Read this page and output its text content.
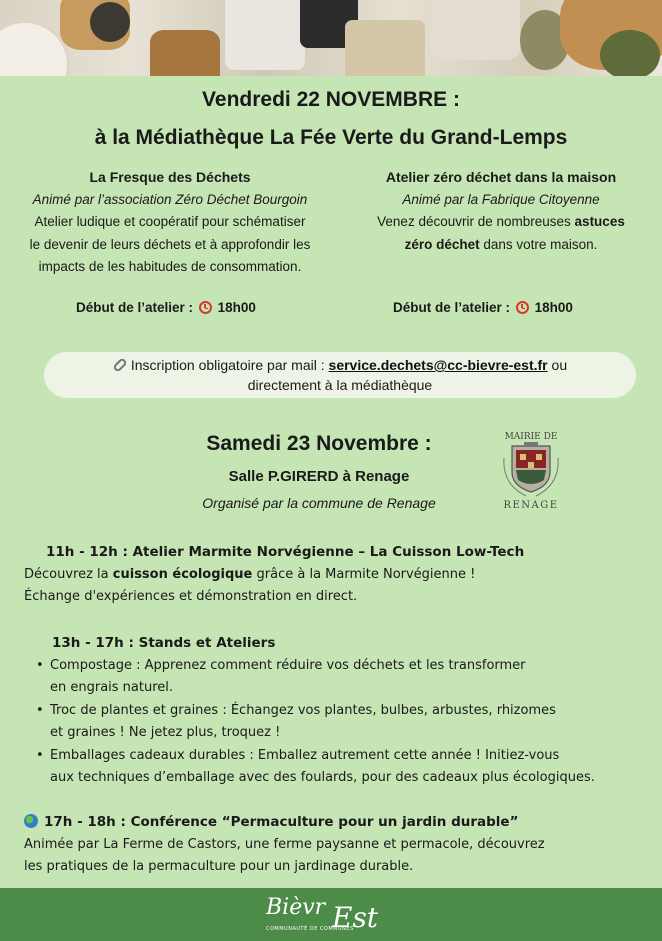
Vendredi 22 NOVEMBRE :
à la Médiathèque La Fée Verte du Grand-Lemps
La Fresque des Déchets
Animé par l’association Zéro Déchet Bourgoin
Atelier ludique et coopératif pour schématiser
le devenir de leurs déchets et à approfondir les
impacts de les habitudes de consommation.
Atelier zéro déchet dans la maison
Animé par la Fabrique Citoyenne
Venez découvrir de nombreuses astuces
zéro déchet dans votre maison.
Début de l’atelier : 18h00	Début de l’atelier : 18h00
Inscription obligatoire par mail : service.dechets@cc-bievre-est.fr ou
directement à la médiathèque
Samedi 23 Novembre :
Salle P.GIRERD à Renage
Organisé par la commune de Renage
MAIRIE DE
RENAGE
11h - 12h : Atelier Marmite Norvégienne – La Cuisson Low-Tech
Découvrez la cuisson écologique grâce à la Marmite Norvégienne !
Échange d'expériences et démonstration en direct.
13h - 17h : Stands et Ateliers
• Compostage : Apprenez comment réduire vos déchets et les transformer
en engrais naturel.
• Troc de plantes et graines : Échangez vos plantes, bulbes, arbustes, rhizomes
et graines ! Ne jetez plus, troquez !
• Emballages cadeaux durables : Emballez autrement cette année ! Initiez-vous
aux techniques d’emballage avec des foulards, pour des cadeaux plus écologiques.
17h - 18h : Conférence “Permaculture pour un jardin durable”
Animée par La Ferme de Castors, une ferme paysanne et permacole, découvrez
les pratiques de la permaculture pour un jardinage durable.
Bièvr Est
COMMUNAUTÉ DE COMMUNES
